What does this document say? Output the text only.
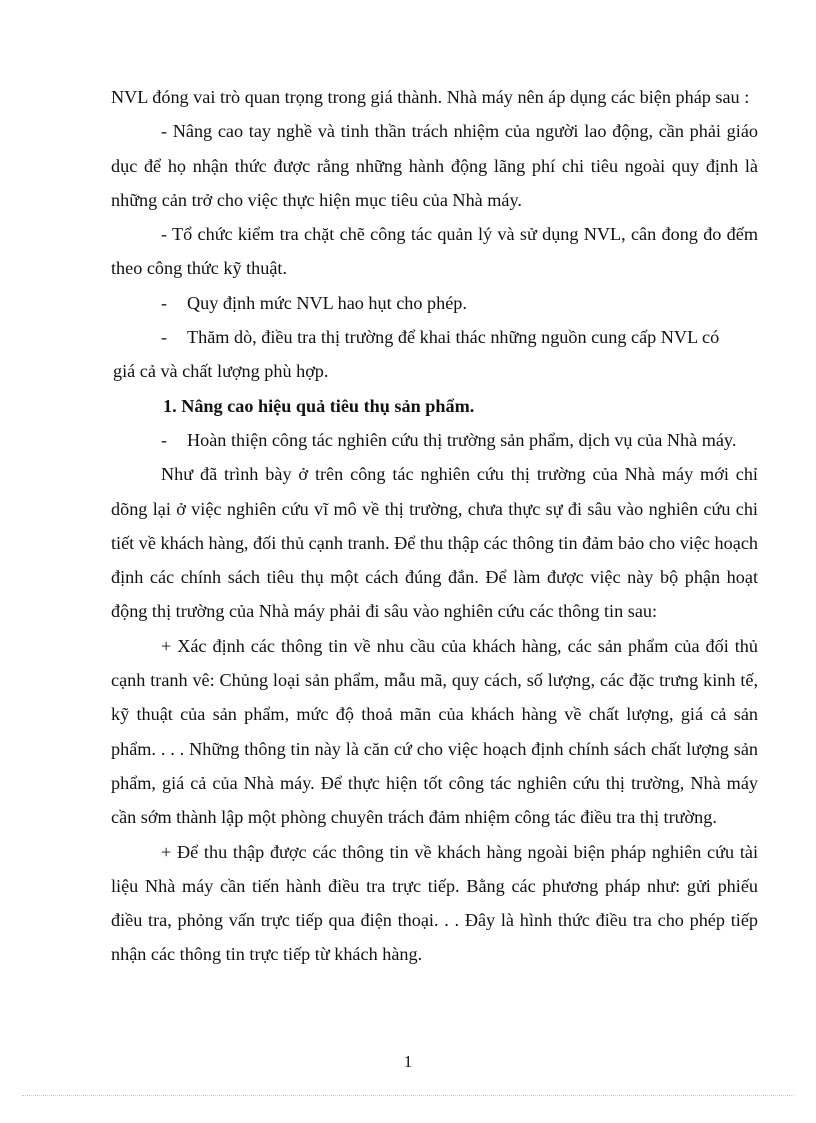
NVL đóng vai trò quan trọng trong giá thành. Nhà máy nên áp dụng các biện pháp sau :

- Nâng cao tay nghề và tinh thần trách nhiệm của người lao động, cần phải giáo dục để họ nhận thức được rằng những hành động lãng phí chi tiêu ngoài quy định là những cản trở cho việc thực hiện mục tiêu của Nhà máy.

- Tổ chức kiểm tra chặt chẽ công tác quản lý và sử dụng NVL, cân đong đo đếm theo công thức kỹ thuật.

-	Quy định mức NVL hao hụt cho phép.
-	Thăm dò, điều tra thị trường để khai thác những nguồn cung cấp NVL có

giá cả và chất lượng phù hợp.

1. Nâng cao hiệu quả tiêu thụ sản phẩm.

-	Hoàn thiện công tác nghiên cứu thị trường sản phẩm, dịch vụ của Nhà máy.

Như đã trình bày ở trên công tác nghiên cứu thị trường của Nhà máy mới chỉ dõng lại ở việc nghiên cứu vĩ mô về thị trường, chưa thực sự đi sâu vào nghiên cứu chi tiết về khách hàng, đối thủ cạnh tranh. Để thu thập các thông tin đảm bảo cho việc hoạch định các chính sách tiêu thụ một cách đúng đắn. Để làm được việc này bộ phận hoạt động thị trường của Nhà máy phải đi sâu vào nghiên cứu các thông tin sau:

+ Xác định các thông tin về nhu cầu của khách hàng, các sản phẩm của đối thủ cạnh tranh vê: Chủng loại sản phẩm, mẫu mã, quy cách, số lượng, các đặc trưng kinh tế, kỹ thuật của sản phẩm, mức độ thoả mãn của khách hàng về chất lượng, giá cả sản phẩm. . . . Những thông tin này là căn cứ cho việc hoạch định chính sách chất lượng sản phẩm, giá cả của Nhà máy. Để thực hiện tốt công tác nghiên cứu thị trường, Nhà máy cần sớm thành lập một phòng chuyên trách đảm nhiệm công tác điều tra thị trường.

+ Để thu thập được các thông tin về khách hàng ngoài biện pháp nghiên cứu tài liệu Nhà máy cần tiến hành điều tra trực tiếp. Bằng các phương pháp như: gửi phiếu điều tra, phỏng vấn trực tiếp qua điện thoại. . . Đây là hình thức điều tra cho phép tiếp nhận các thông tin trực tiếp từ khách hàng.

1
